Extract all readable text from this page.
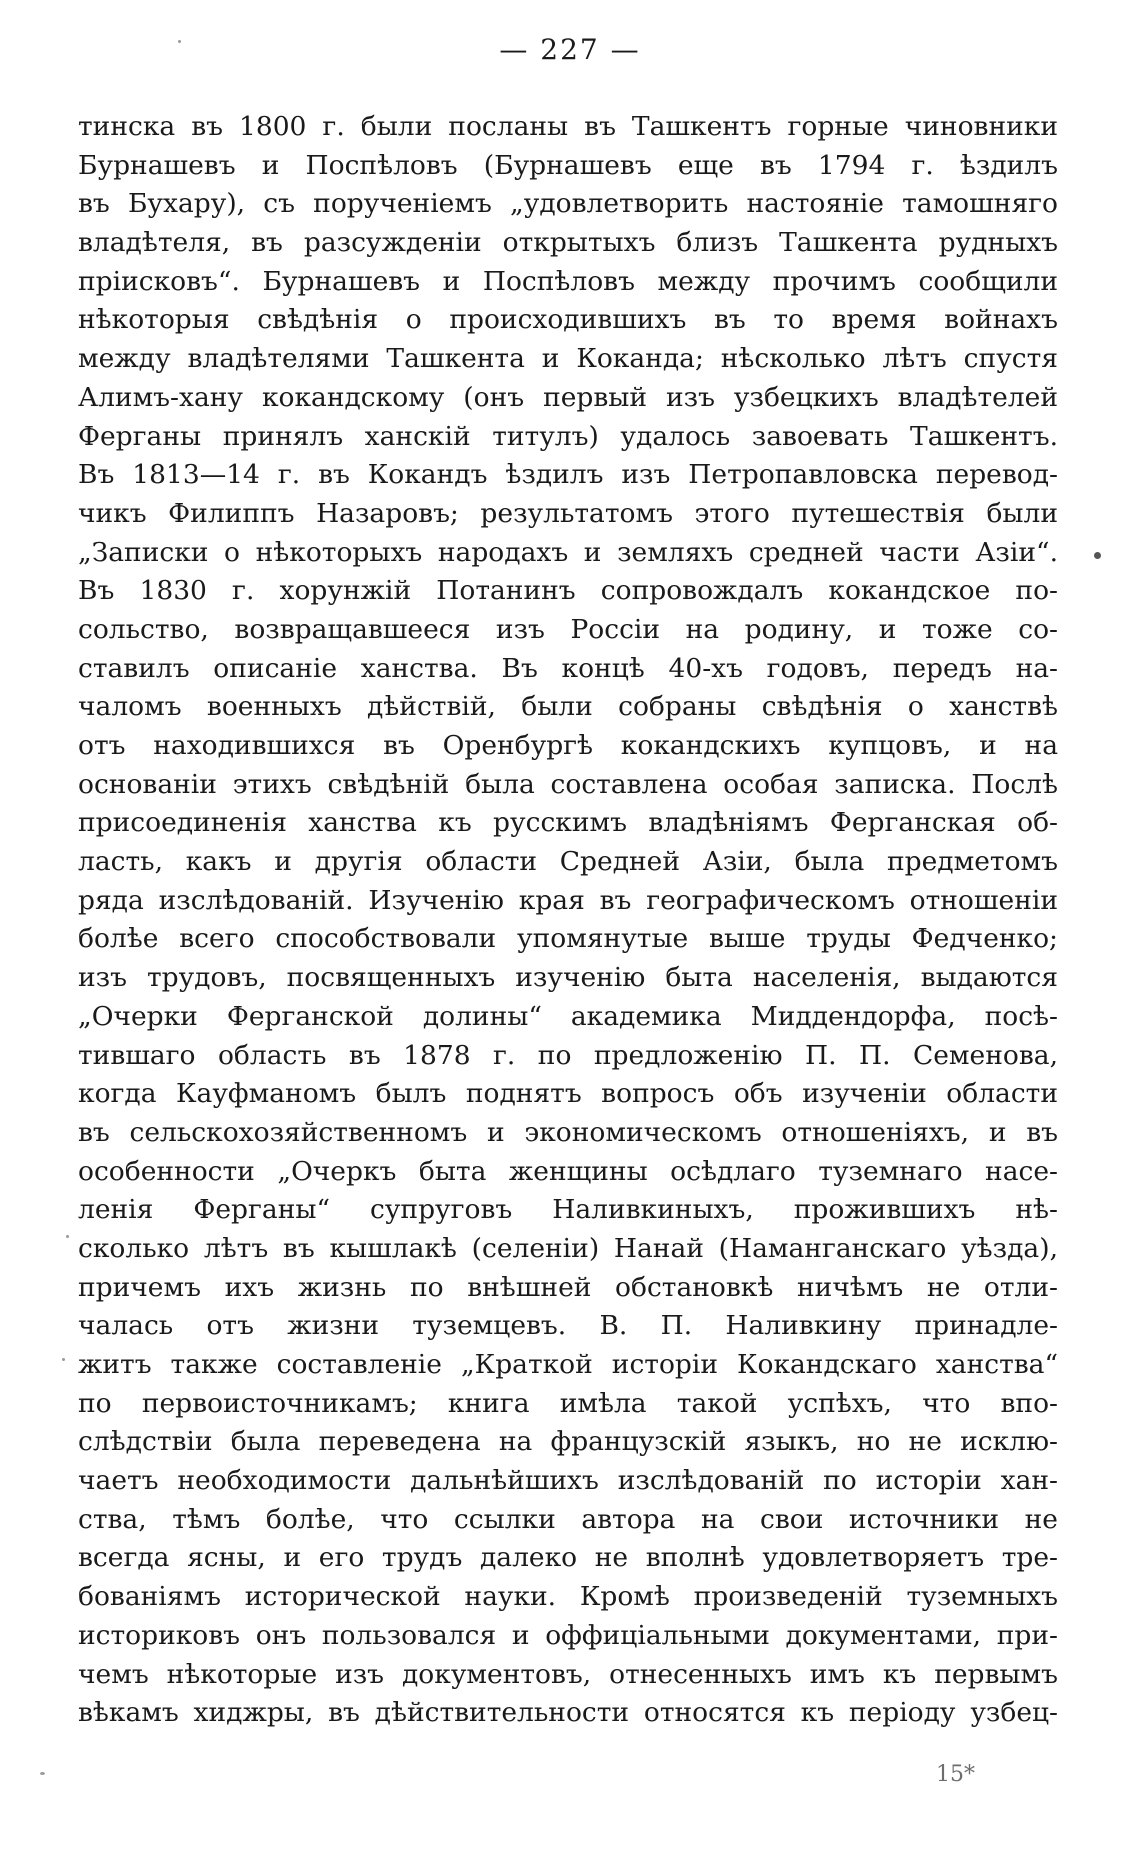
— 227 —
тинска въ 1800 г. были посланы въ Ташкентъ горные чиновники
Бурнашевъ и Поспѣловъ (Бурнашевъ еще въ 1794 г. ѣздилъ
въ Бухару), съ порученіемъ „удовлетворить настояніе тамошняго
владѣтеля, въ разсужденіи открытыхъ близъ Ташкента рудныхъ
пріисковъ“. Бурнашевъ и Поспѣловъ между прочимъ сообщили
нѣкоторыя свѣдѣнія о происходившихъ въ то время войнахъ
между владѣтелями Ташкента и Коканда; нѣсколько лѣтъ спустя
Алимъ-хану кокандскому (онъ первый изъ узбецкихъ владѣтелей
Ферганы принялъ ханскій титулъ) удалось завоевать Ташкентъ.
Въ 1813—14 г. въ Кокандъ ѣздилъ изъ Петропавловска перевод-
чикъ Филиппъ Назаровъ; результатомъ этого путешествія были
„Записки о нѣкоторыхъ народахъ и земляхъ средней части Азіи“.
Въ 1830 г. хорунжій Потанинъ сопровождалъ кокандское по-
сольство, возвращавшееся изъ Россіи на родину, и тоже со-
ставилъ описаніе ханства. Въ концѣ 40-хъ годовъ, передъ на-
чаломъ военныхъ дѣйствій, были собраны свѣдѣнія о ханствѣ
отъ находившихся въ Оренбургѣ кокандскихъ купцовъ, и на
основаніи этихъ свѣдѣній была составлена особая записка. Послѣ
присоединенія ханства къ русскимъ владѣніямъ Ферганская об-
ласть, какъ и другія области Средней Азіи, была предметомъ
ряда изслѣдованій. Изученію края въ географическомъ отношеніи
болѣе всего способствовали упомянутые выше труды Федченко;
изъ трудовъ, посвященныхъ изученію быта населенія, выдаются
„Очерки Ферганской долины“ академика Миддендорфа, посѣ-
тившаго область въ 1878 г. по предложенію П. П. Семенова,
когда Кауфманомъ былъ поднятъ вопросъ объ изученіи области
въ сельскохозяйственномъ и экономическомъ отношеніяхъ, и въ
особенности „Очеркъ быта женщины осѣдлаго туземнаго насе-
ленія Ферганы“ супруговъ Наливкиныхъ, прожившихъ нѣ-
сколько лѣтъ въ кышлакѣ (селеніи) Нанай (Наманганскаго уѣзда),
причемъ ихъ жизнь по внѣшней обстановкѣ ничѣмъ не отли-
чалась отъ жизни туземцевъ. В. П. Наливкину принадле-
житъ также составленіе „Краткой исторіи Кокандскаго ханства“
по первоисточникамъ; книга имѣла такой успѣхъ, что впо-
слѣдствіи была переведена на французскій языкъ, но не исклю-
чаетъ необходимости дальнѣйшихъ изслѣдованій по исторіи хан-
ства, тѣмъ болѣе, что ссылки автора на свои источники не
всегда ясны, и его трудъ далеко не вполнѣ удовлетворяетъ тре-
бованіямъ исторической науки. Кромѣ произведеній туземныхъ
историковъ онъ пользовался и оффиціальными документами, при-
чемъ нѣкоторые изъ документовъ, отнесенныхъ имъ къ первымъ
вѣкамъ хиджры, въ дѣйствительности относятся къ періоду узбец-
15*
